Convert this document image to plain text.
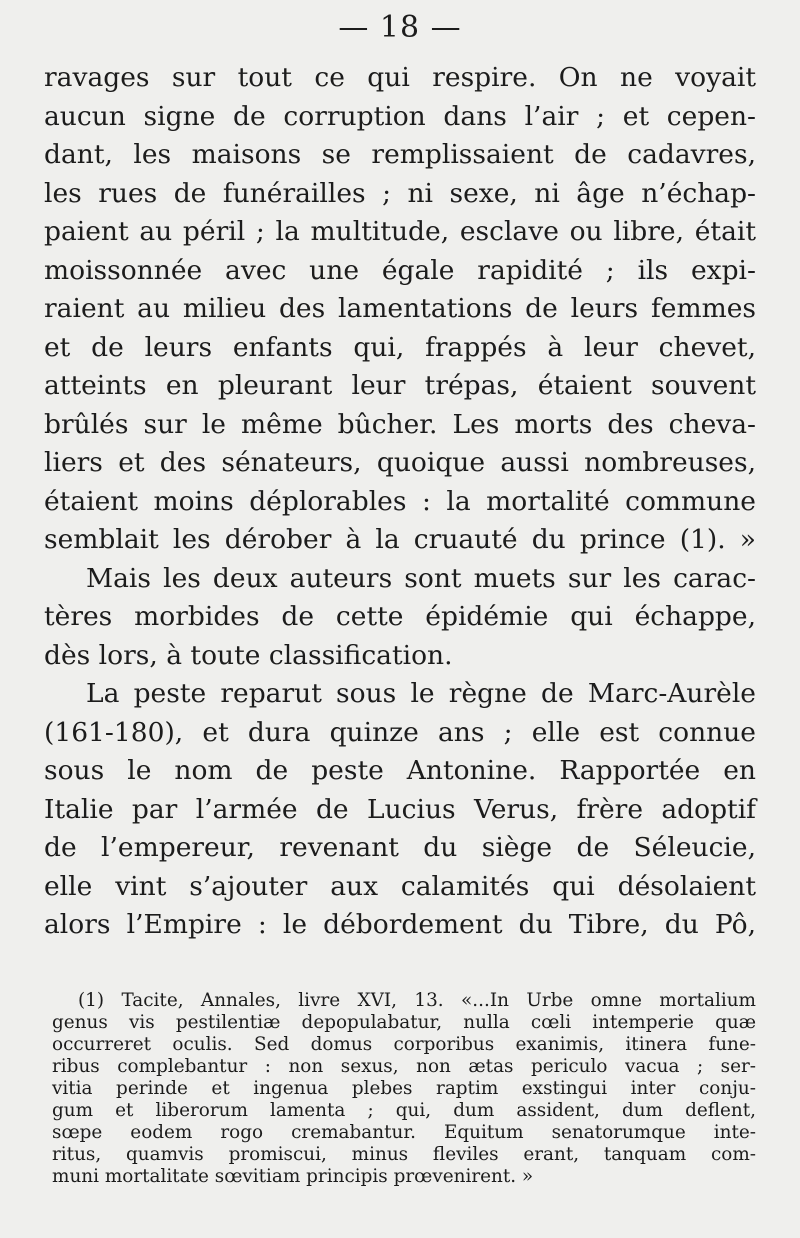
— 18 —
ravages sur tout ce qui respire. On ne voyait
aucun signe de corruption dans l’air ; et cepen-
dant, les maisons se remplissaient de cadavres,
les rues de funérailles ; ni sexe, ni âge n’échap-
paient au péril ; la multitude, esclave ou libre, était
moissonnée avec une égale rapidité ; ils expi-
raient au milieu des lamentations de leurs femmes
et de leurs enfants qui, frappés à leur chevet,
atteints en pleurant leur trépas, étaient souvent
brûlés sur le même bûcher. Les morts des cheva-
liers et des sénateurs, quoique aussi nombreuses,
étaient moins déplorables : la mortalité commune
semblait les dérober à la cruauté du prince (1). »
Mais les deux auteurs sont muets sur les carac-
tères morbides de cette épidémie qui échappe,
dès lors, à toute classification.
La peste reparut sous le règne de Marc-Aurèle
(161-180), et dura quinze ans ; elle est connue
sous le nom de peste Antonine. Rapportée en
Italie par l’armée de Lucius Verus, frère adoptif
de l’empereur, revenant du siège de Séleucie,
elle vint s’ajouter aux calamités qui désolaient
alors l’Empire : le débordement du Tibre, du Pô,
(1) Tacite, Annales, livre XVI, 13. «...In Urbe omne mortalium
genus vis pestilentiæ depopulabatur, nulla cœli intemperie quæ
occurreret oculis. Sed domus corporibus exanimis, itinera fune-
ribus complebantur : non sexus, non ætas periculo vacua ; ser-
vitia perinde et ingenua plebes raptim exstingui inter conju-
gum et liberorum lamenta ; qui, dum assident, dum deflent,
sœpe eodem rogo cremabantur. Equitum senatorumque inte-
ritus, quamvis promiscui, minus fleviles erant, tanquam com-
muni mortalitate sœvitiam principis prœvenirent. »
